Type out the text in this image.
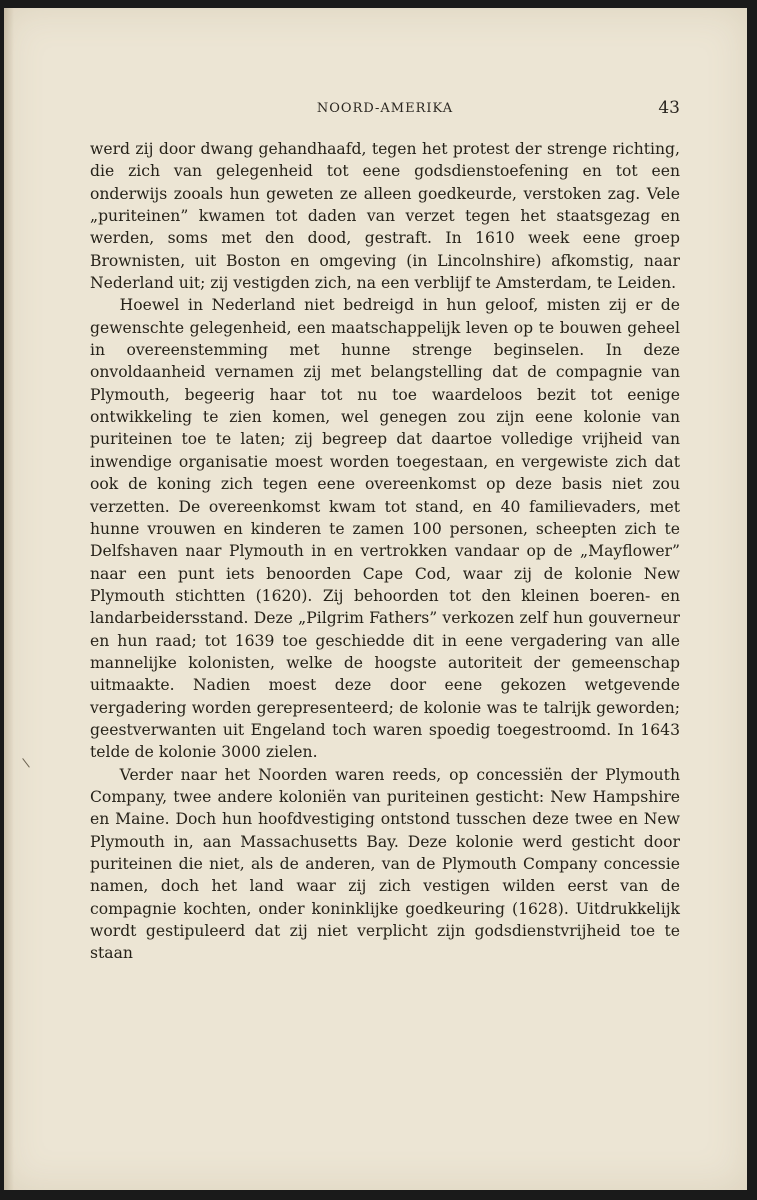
NOORD-AMERIKA	43
\

werd zij door dwang gehandhaafd, tegen het protest der strenge richting, die zich van gelegenheid tot eene godsdienstoefening en tot een onderwijs zooals hun geweten ze alleen goedkeurde, verstoken zag. Vele „puriteinen” kwamen tot daden van verzet tegen het staatsgezag en werden, soms met den dood, gestraft. In 1610 week eene groep Brownisten, uit Boston en omgeving (in Lincolnshire) afkomstig, naar Nederland uit; zij vestigden zich, na een verblijf te Amsterdam, te Leiden.

Hoewel in Nederland niet bedreigd in hun geloof, misten zij er de gewenschte gelegenheid, een maatschappelijk leven op te bouwen geheel in overeenstemming met hunne strenge beginselen. In deze onvoldaanheid vernamen zij met belangstelling dat de compagnie van Plymouth, begeerig haar tot nu toe waardeloos bezit tot eenige ontwikkeling te zien komen, wel genegen zou zijn eene kolonie van puriteinen toe te laten; zij begreep dat daartoe volledige vrijheid van inwendige organisatie moest worden toegestaan, en vergewiste zich dat ook de koning zich tegen eene overeenkomst op deze basis niet zou verzetten. De overeenkomst kwam tot stand, en 40 familievaders, met hunne vrouwen en kinderen te zamen 100 personen, scheepten zich te Delfshaven naar Plymouth in en vertrokken vandaar op de „Mayflower” naar een punt iets benoorden Cape Cod, waar zij de kolonie New Plymouth stichtten (1620). Zij behoorden tot den kleinen boeren- en landarbeidersstand. Deze „Pilgrim Fathers” verkozen zelf hun gouverneur en hun raad; tot 1639 toe geschiedde dit in eene vergadering van alle mannelijke kolonisten, welke de hoogste autoriteit der gemeenschap uitmaakte. Nadien moest deze door eene gekozen wetgevende vergadering worden gerepresenteerd; de kolonie was te talrijk geworden; geestverwanten uit Engeland toch waren spoedig toegestroomd. In 1643 telde de kolonie 3000 zielen.

Verder naar het Noorden waren reeds, op concessiën der Plymouth Company, twee andere koloniën van puriteinen gesticht: New Hampshire en Maine. Doch hun hoofdvestiging ontstond tusschen deze twee en New Plymouth in, aan Massachusetts Bay. Deze kolonie werd gesticht door puriteinen die niet, als de anderen, van de Plymouth Company concessie namen, doch het land waar zij zich vestigen wilden eerst van de compagnie kochten, onder koninklijke goedkeuring (1628). Uitdrukkelijk wordt gestipuleerd dat zij niet verplicht zijn godsdienstvrijheid toe te staan
